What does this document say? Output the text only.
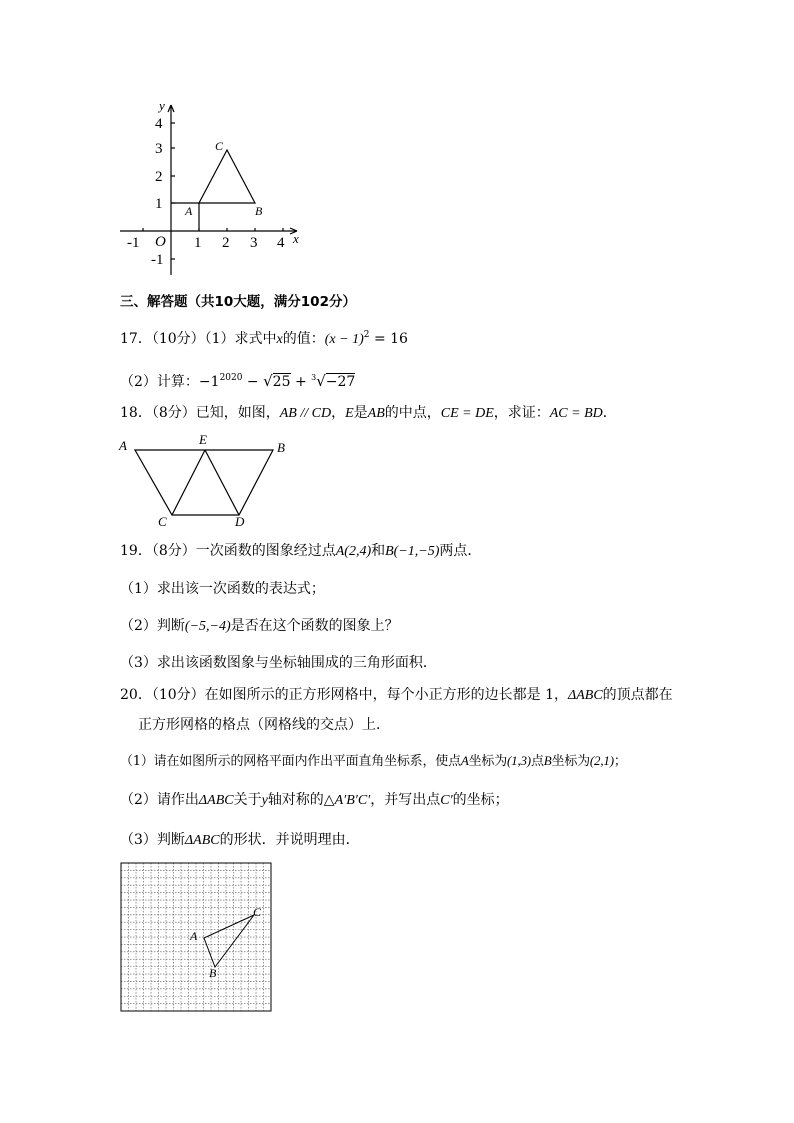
-1	1 2 3 4
4
3
2
1
-1
O	x
y
A	B
C
三、解答题（共10大题，满分102分）
17．（10分）（1）求式中x的值：$(x - 1)^2 = 16$
（2）计算：$-1^{2020} - √25 + ^3√-27$
18．（8分）已知，如图，AB // CD，E是AB的中点，CE = DE，求证：AC = BD．
A	E
B
C	D
19．（8分）一次函数的图象经过点A(2,4)和B(−1,−5)两点．
（1）求出该一次函数的表达式；
（2）判断(−5,−4)是否在这个函数的图象上？
（3）求出该函数图象与坐标轴围成的三角形面积．
20．（10分）在如图所示的正方形网格中，每个小正方形的边长都是 1，ΔABC的顶点都在
正方形网格的格点（网格线的交点）上．
（1）请在如图所示的网格平面内作出平面直角坐标系，使点A坐标为(1,3)点B坐标为(2,1)；
（2）请作出ΔABC关于y轴对称的△A′B′C′，并写出点C′的坐标；
（3）判断ΔABC的形状．并说明理由．
A
B
C
